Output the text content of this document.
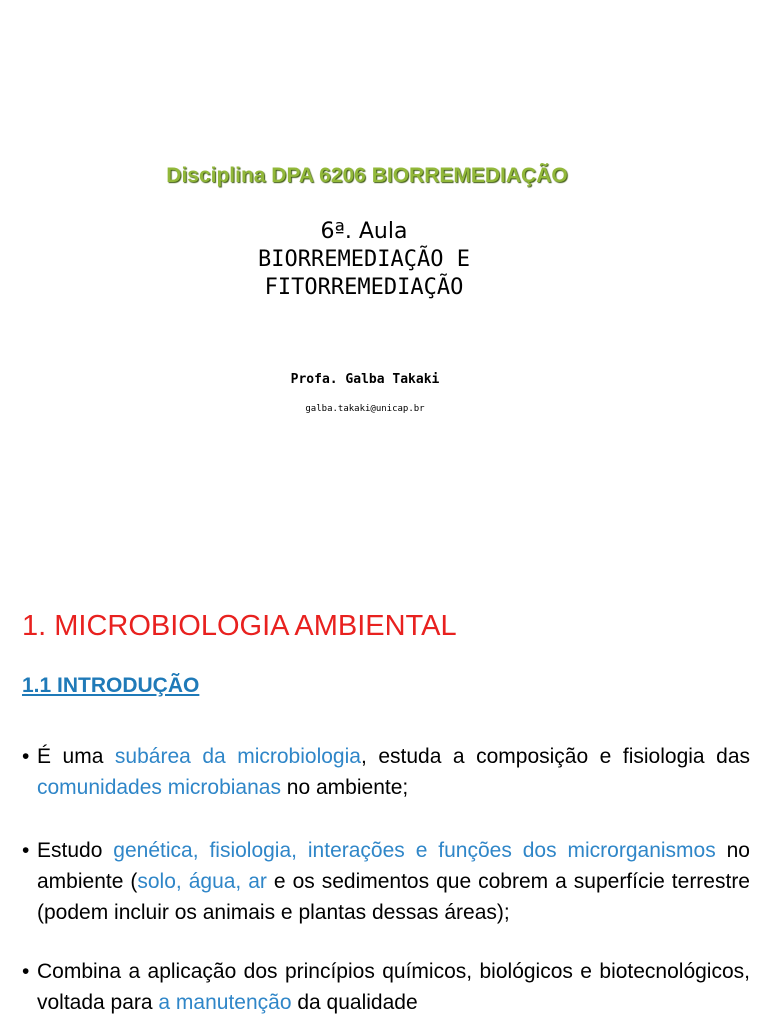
Disciplina DPA 6206 BIORREMEDIAÇÃO
6ª. Aula
BIORREMEDIAÇÃO E
FITORREMEDIAÇÃO
Profa. Galba Takaki
galba.takaki@unicap.br
1. MICROBIOLOGIA AMBIENTAL
1.1 INTRODUÇÃO
• É uma subárea da microbiologia, estuda a composição e fisiologia das comunidades microbianas no ambiente;
• Estudo genética, fisiologia, interações e funções dos microrganismos no ambiente (solo, água, ar e os sedimentos que cobrem a superfície terrestre (podem incluir os animais e plantas dessas áreas);
• Combina a aplicação dos princípios químicos, biológicos e biotecnológicos, voltada para a manutenção da qualidade
